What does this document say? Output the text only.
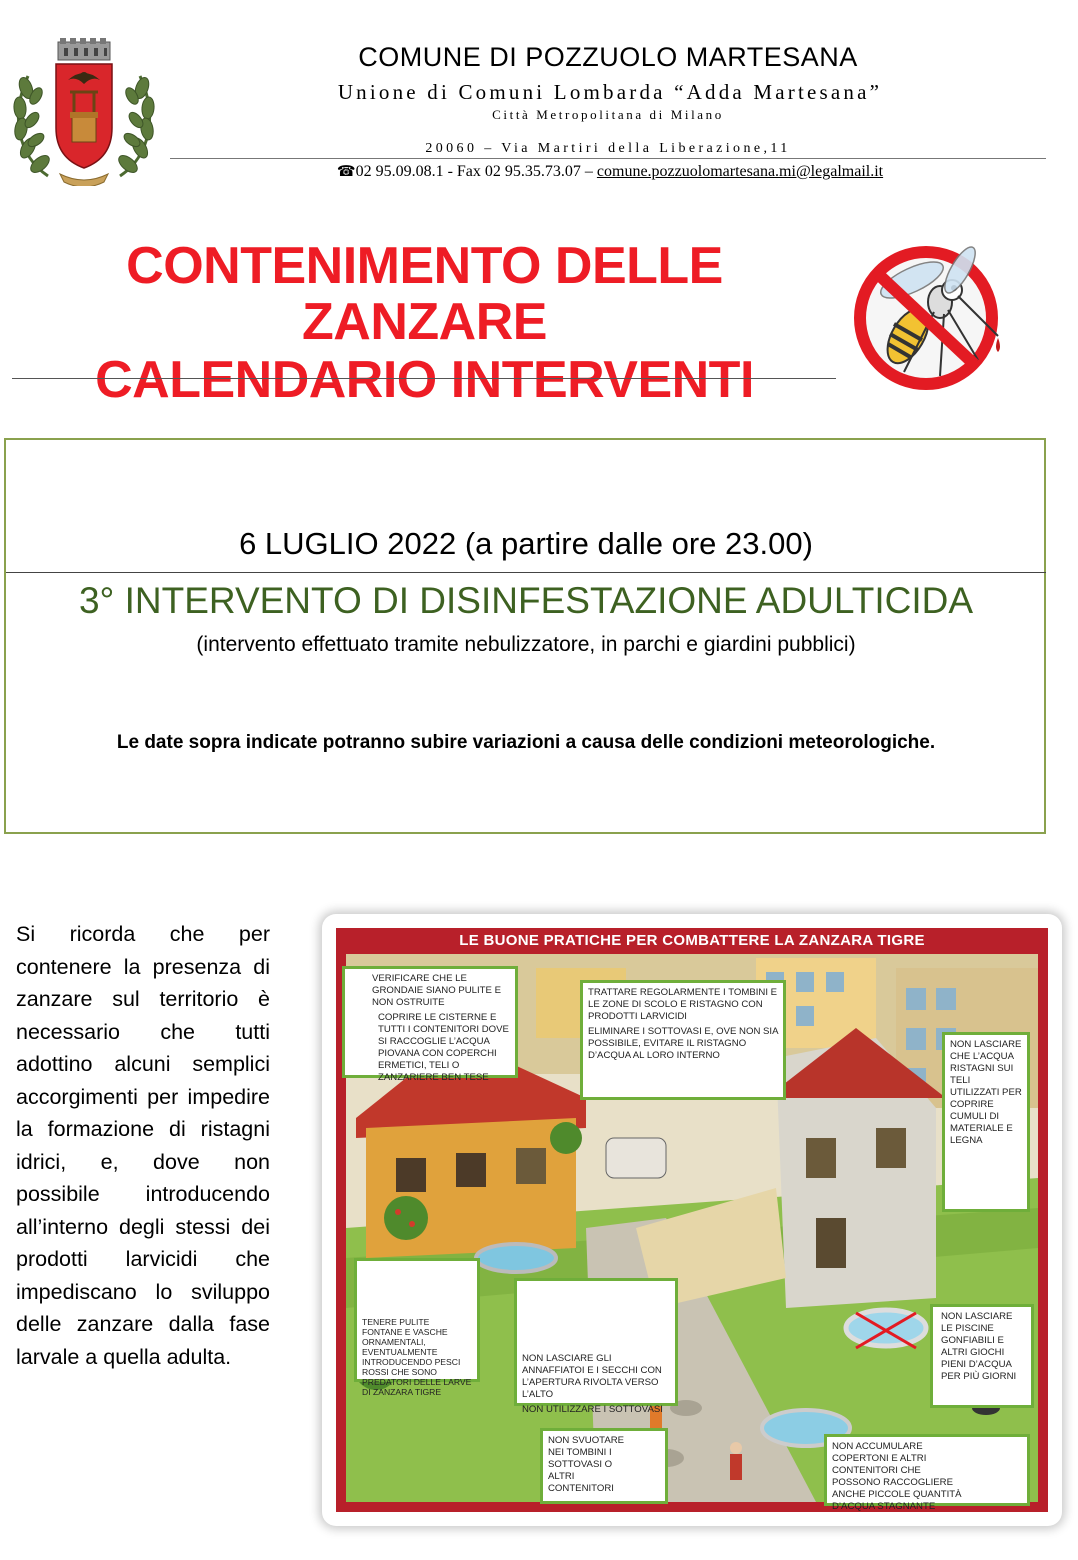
COMUNE DI POZZUOLO MARTESANA
Unione di Comuni Lombarda “Adda Martesana”
Città Metropolitana di Milano
20060 – Via Martiri della Liberazione,11
☎02 95.09.08.1 - Fax 02 95.35.73.07 – comune.pozzuolomartesana.mi@legalmail.it
CONTENIMENTO DELLE ZANZARE
CALENDARIO INTERVENTI
6 LUGLIO 2022 (a partire dalle ore 23.00)
3° INTERVENTO DI DISINFESTAZIONE ADULTICIDA
(intervento effettuato tramite nebulizzatore, in parchi e giardini pubblici)
Le date sopra indicate potranno subire variazioni a causa delle condizioni meteorologiche.
Si ricorda che per contenere la presenza di zanzare sul territorio è necessario che tutti adottino alcuni semplici accorgimenti per impedire la formazione di ristagni idrici, e, dove non possibile introducendo all’interno degli stessi dei prodotti larvicidi che impediscano lo sviluppo delle zanzare dalla fase larvale a quella adulta.
LE BUONE PRATICHE PER COMBATTERE LA ZANZARA TIGRE

VERIFICARE CHE LE GRONDAIE SIANO PULITE E NON OSTRUITE

COPRIRE LE CISTERNE E TUTTI I CONTENITORI DOVE SI RACCOGLIE L’ACQUA PIOVANA CON COPERCHI ERMETICI, TELI O ZANZARIERE BEN TESE

TRATTARE REGOLARMENTE I TOMBINI E LE ZONE DI SCOLO E RISTAGNO CON PRODOTTI LARVICIDI

ELIMINARE I SOTTOVASI E, OVE NON SIA POSSIBILE, EVITARE IL RISTAGNO D’ACQUA AL LORO INTERNO

NON LASCIARE CHE L’ACQUA RISTAGNI SUI TELI UTILIZZATI PER COPRIRE CUMULI DI MATERIALE E LEGNA

TENERE PULITE FONTANE E VASCHE ORNAMENTALI, EVENTUALMENTE INTRODUCENDO PESCI ROSSI CHE SONO PREDATORI DELLE LARVE DI ZANZARA TIGRE

NON LASCIARE GLI ANNAFFIATOI E I SECCHI CON L’APERTURA RIVOLTA VERSO L’ALTO

NON UTILIZZARE I SOTTOVASI

NON LASCIARE LE PISCINE GONFIABILI E ALTRI GIOCHI PIENI D’ACQUA PER PIÙ GIORNI

NON SVUOTARE NEI TOMBINI I SOTTOVASI O ALTRI CONTENITORI

NON ACCUMULARE COPERTONI E ALTRI CONTENITORI CHE POSSONO RACCOGLIERE ANCHE PICCOLE QUANTITÀ D’ACQUA STAGNANTE
